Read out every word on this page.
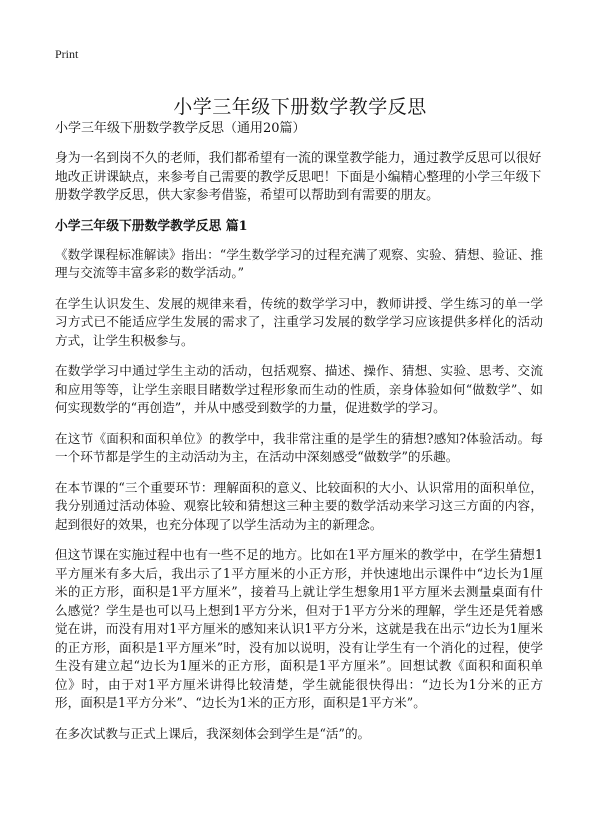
Print
小学三年级下册数学教学反思

小学三年级下册数学教学反思（通用20篇）

身为一名到岗不久的老师，我们都希望有一流的课堂教学能力，通过教学反思可以很好地改正讲课缺点，来参考自己需要的教学反思吧！下面是小编精心整理的小学三年级下册数学教学反思，供大家参考借鉴，希望可以帮助到有需要的朋友。

小学三年级下册数学教学反思 篇1

《数学课程标准解读》指出：“学生数学学习的过程充满了观察、实验、猜想、验证、推理与交流等丰富多彩的数学活动。”

在学生认识发生、发展的规律来看，传统的数学学习中，教师讲授、学生练习的单一学习方式已不能适应学生发展的需求了，注重学习发展的数学学习应该提供多样化的活动方式，让学生积极参与。

在数学学习中通过学生主动的活动，包括观察、描述、操作、猜想、实验、思考、交流和应用等等，让学生亲眼目睹数学过程形象而生动的性质，亲身体验如何“做数学”、如何实现数学的“再创造”，并从中感受到数学的力量，促进数学的学习。

在这节《面积和面积单位》的教学中，我非常注重的是学生的猜想?感知?体验活动。每一个环节都是学生的主动活动为主，在活动中深刻感受“做数学”的乐趣。

在本节课的“三个重要环节：理解面积的意义、比较面积的大小、认识常用的面积单位，我分别通过活动体验、观察比较和猜想这三种主要的数学活动来学习这三方面的内容，起到很好的效果，也充分体现了以学生活动为主的新理念。

但这节课在实施过程中也有一些不足的地方。比如在1平方厘米的教学中，在学生猜想1平方厘米有多大后，我出示了1平方厘米的小正方形，并快速地出示课件中“边长为1厘米的正方形，面积是1平方厘米”，接着马上就让学生想象用1平方厘米去测量桌面有什么感觉？学生是也可以马上想到1平方分米，但对于1平方分米的理解，学生还是凭着感觉在讲，而没有用对1平方厘米的感知来认识1平方分米，这就是我在出示“边长为1厘米的正方形，面积是1平方厘米”时，没有加以说明，没有让学生有一个消化的过程，使学生没有建立起“边长为1厘米的正方形，面积是1平方厘米”。回想试教《面积和面积单位》时，由于对1平方厘米讲得比较清楚，学生就能很快得出：“边长为1分米的正方形，面积是1平方分米”、“边长为1米的正方形，面积是1平方米”。

在多次试教与正式上课后，我深刻体会到学生是“活”的。
